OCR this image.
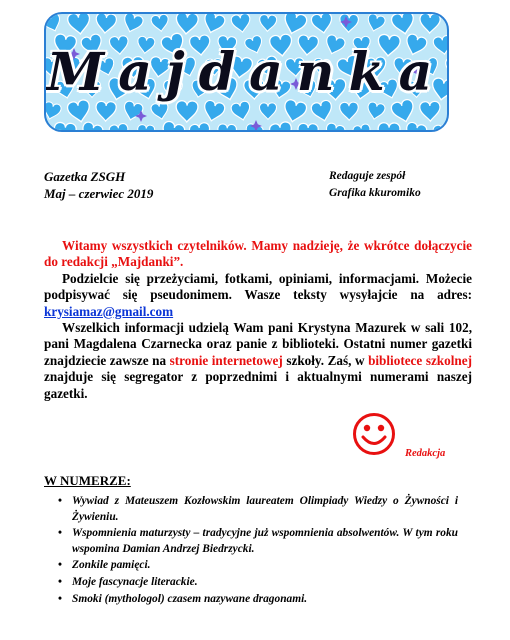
Majdanka
Gazetka ZSGH
Maj – czerwiec 2019
Redaguje zespół
Grafika kkuromiko

Witamy wszystkich czytelników. Mamy nadzieję, że wkrótce dołączycie do redakcji „Majdanki”.

Podzielcie się przeżyciami, fotkami, opiniami, informacjami. Możecie podpisywać się pseudonimem. Wasze teksty wysyłajcie na adres: krysiamaz@gmail.com

Wszelkich informacji udzielą Wam pani Krystyna Mazurek w sali 102, pani Magdalena Czarnecka oraz panie z biblioteki. Ostatni numer gazetki znajdziecie zawsze na stronie internetowej szkoły. Zaś, w bibliotece szkolnej znajduje się segregator z poprzednimi i aktualnymi numerami naszej gazetki.

Redakcja
W NUMERZE:
• Wywiad z Mateuszem Kozłowskim laureatem Olimpiady Wiedzy o Żywności i Żywieniu.
• Wspomnienia maturzysty – tradycyjne już wspomnienia absolwentów. W tym roku wspomina Damian Andrzej Biedrzycki.
• Zonkile pamięci.
• Moje fascynacje literackie.
• Smoki (mythologol) czasem nazywane dragonami.
